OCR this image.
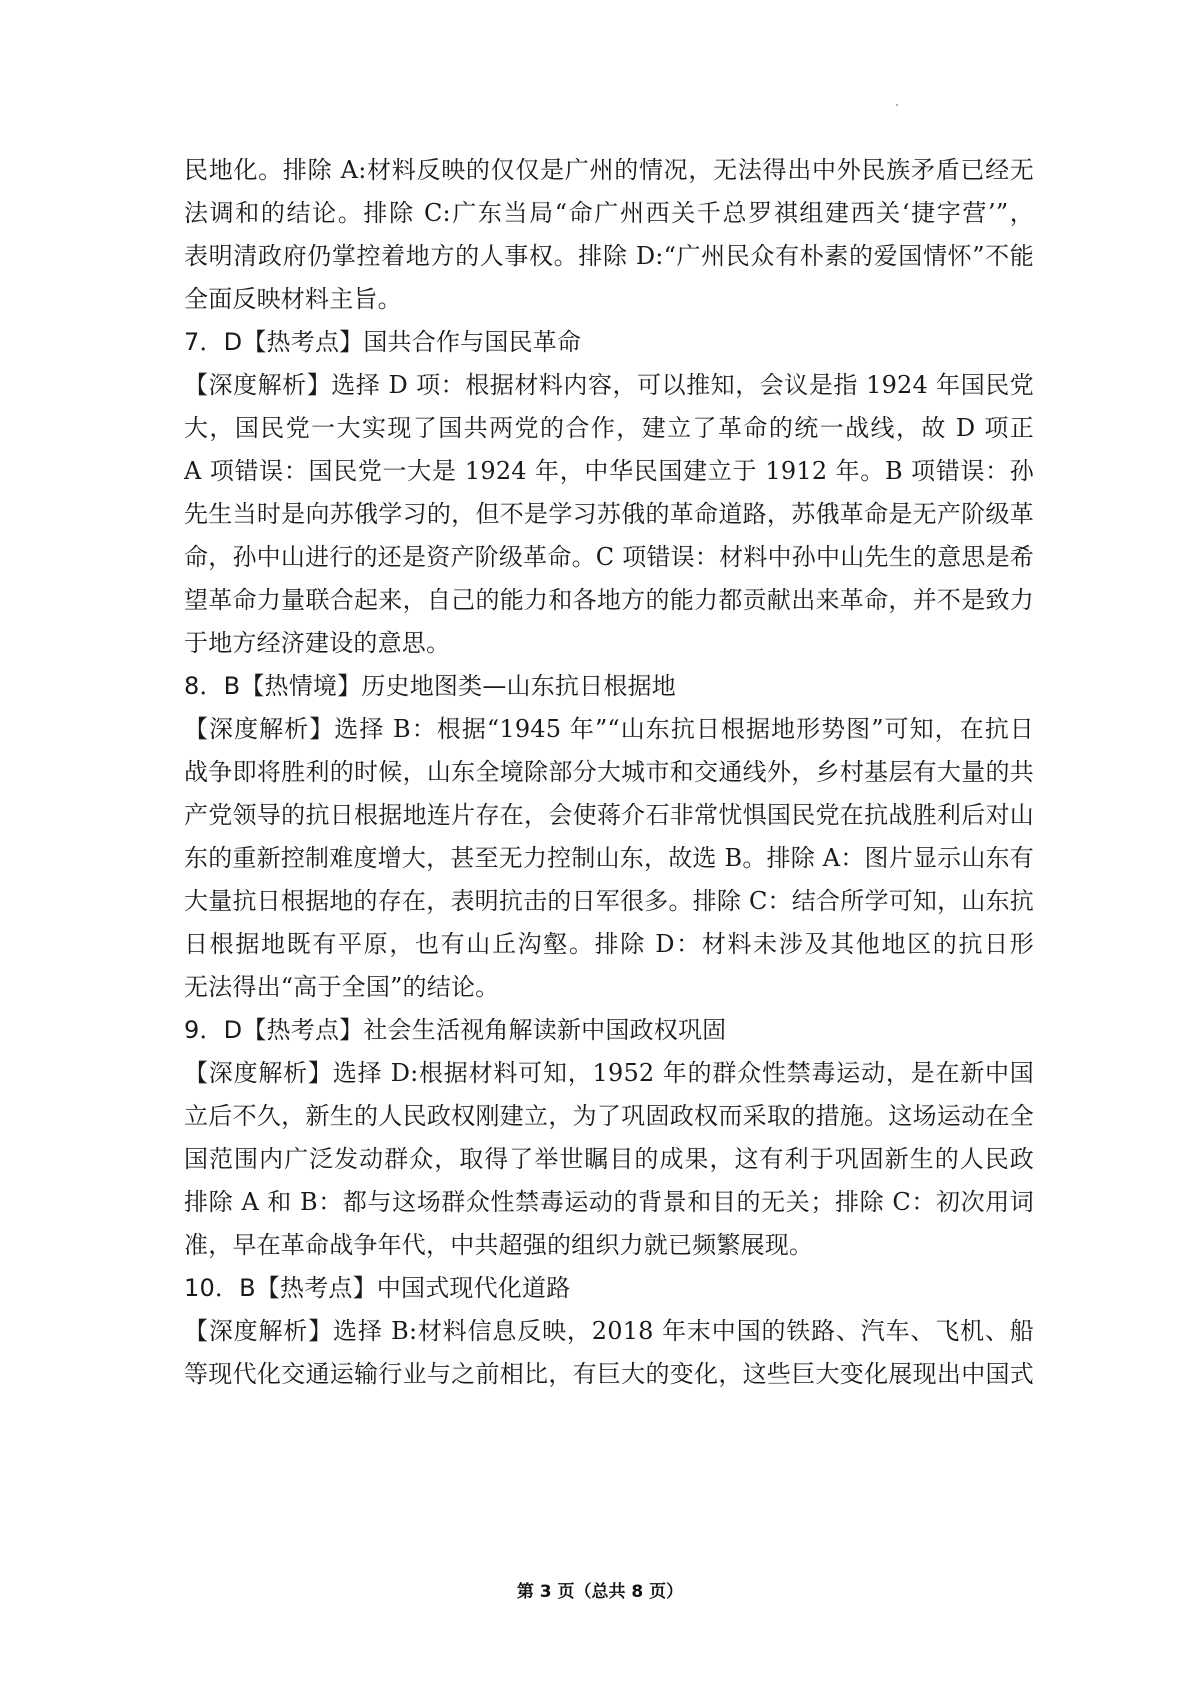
民地化。排除 A:材料反映的仅仅是广州的情况，无法得出中外民族矛盾已经无
法调和的结论。排除 C:广东当局“命广州西关千总罗祺组建西关‘捷字营’”，
表明清政府仍掌控着地方的人事权。排除 D:“广州民众有朴素的爱国情怀”不能
全面反映材料主旨。
7．D【热考点】国共合作与国民革命
【深度解析】选择 D 项：根据材料内容，可以推知，会议是指 1924 年国民党
大，国民党一大实现了国共两党的合作，建立了革命的统一战线，故 D 项正
A 项错误：国民党一大是 1924 年，中华民国建立于 1912 年。B 项错误：孙
先生当时是向苏俄学习的，但不是学习苏俄的革命道路，苏俄革命是无产阶级革
命，孙中山进行的还是资产阶级革命。C 项错误：材料中孙中山先生的意思是希
望革命力量联合起来，自己的能力和各地方的能力都贡献出来革命，并不是致力
于地方经济建设的意思。
8．B【热情境】历史地图类—山东抗日根据地
【深度解析】选择 B：根据“1945 年”“山东抗日根据地形势图”可知，在抗日
战争即将胜利的时候，山东全境除部分大城市和交通线外，乡村基层有大量的共
产党领导的抗日根据地连片存在，会使蒋介石非常忧惧国民党在抗战胜利后对山
东的重新控制难度增大，甚至无力控制山东，故选 B。排除 A：图片显示山东有
大量抗日根据地的存在，表明抗击的日军很多。排除 C：结合所学可知，山东抗
日根据地既有平原，也有山丘沟壑。排除 D：材料未涉及其他地区的抗日形
无法得出“高于全国”的结论。
9．D【热考点】社会生活视角解读新中国政权巩固
【深度解析】选择 D:根据材料可知，1952 年的群众性禁毒运动，是在新中国
立后不久，新生的人民政权刚建立，为了巩固政权而采取的措施。这场运动在全
国范围内广泛发动群众，取得了举世瞩目的成果，这有利于巩固新生的人民政
排除 A 和 B：都与这场群众性禁毒运动的背景和目的无关；排除 C：初次用词
准，早在革命战争年代，中共超强的组织力就已频繁展现。
10．B【热考点】中国式现代化道路
【深度解析】选择 B:材料信息反映，2018 年末中国的铁路、汽车、飞机、船
等现代化交通运输行业与之前相比，有巨大的变化，这些巨大变化展现出中国式
第 3 页（总共 8 页）
